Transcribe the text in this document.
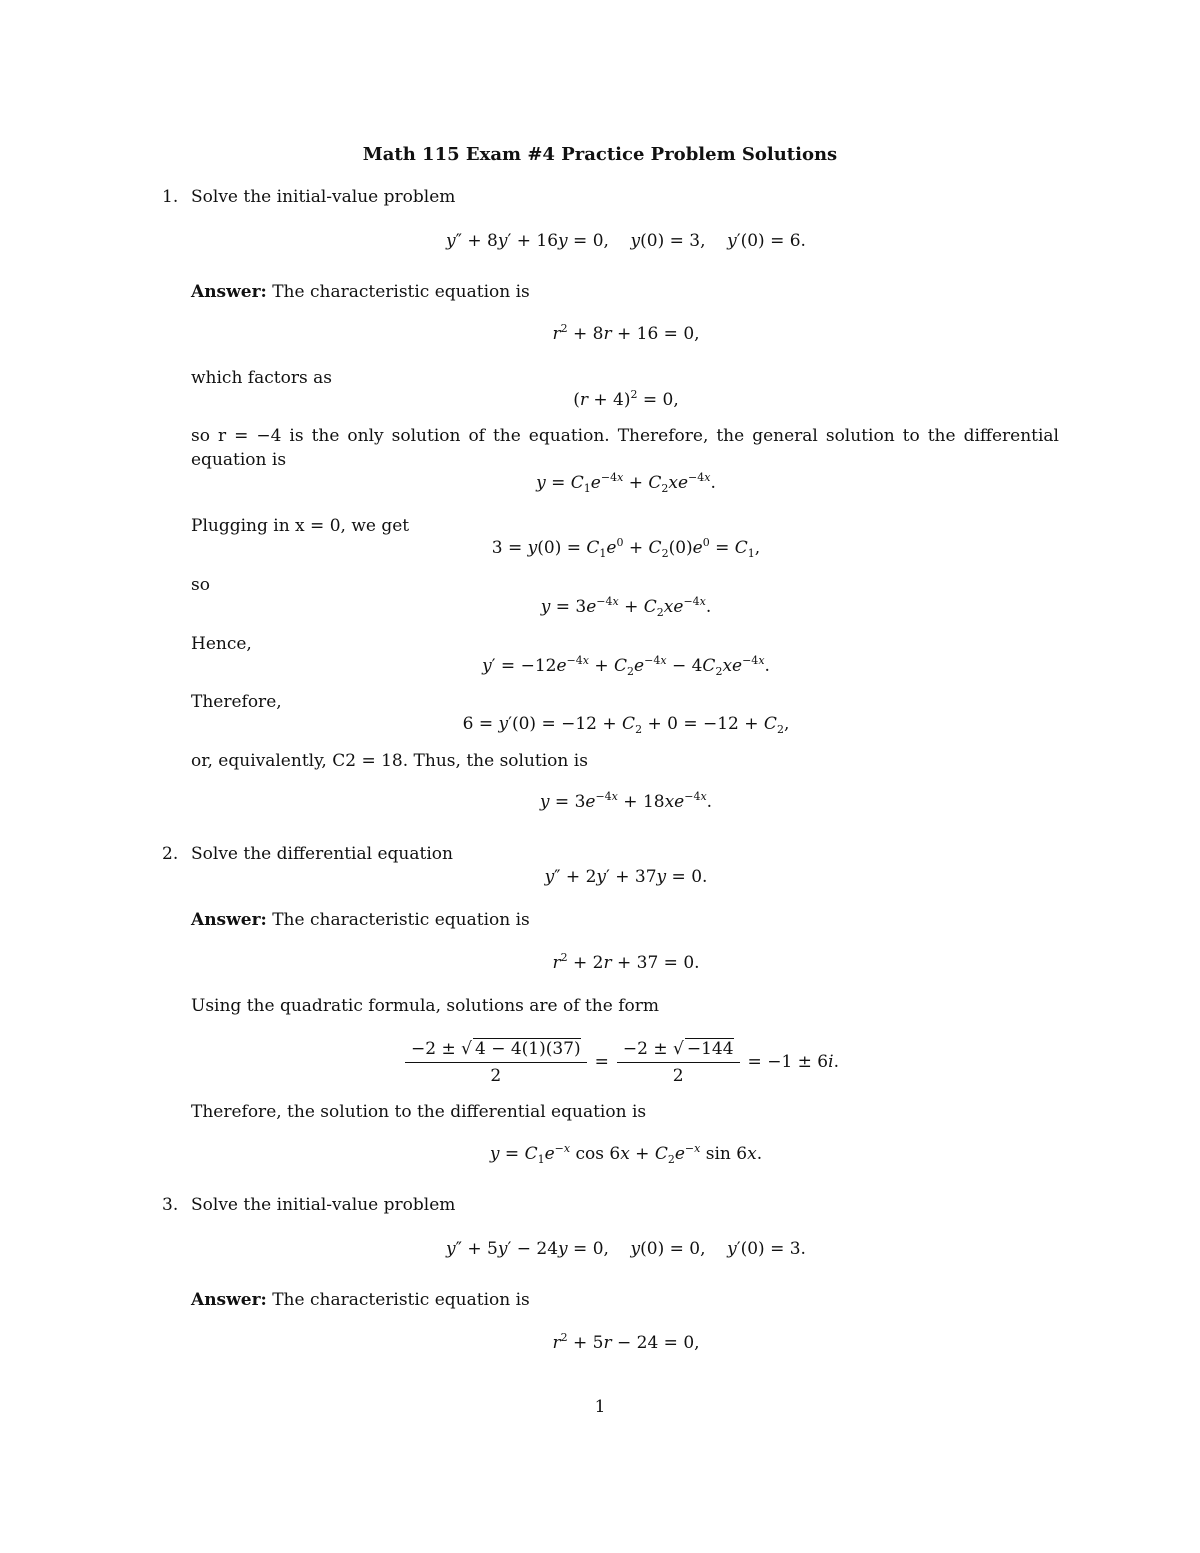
Math 115 Exam #4 Practice Problem Solutions
1. Solve the initial-value problem
y″ + 8y′ + 16y = 0,    y(0) = 3,    y′(0) = 6.
Answer: The characteristic equation is
$r^2 + 8r + 16 = 0$,
which factors as
$(r + 4)^2 = 0$,
so r = −4 is the only solution of the equation. Therefore, the general solution to the differential equation is
$y = C_1e^{-4x} + C_2xe^{-4x}$.
Plugging in x = 0, we get
$3 = y(0) = C_1e^0 + C_2(0)e^0 = C_1$,
so
$y = 3e^{-4x} + C_2xe^{-4x}$.
Hence,
$y' = -12e^{-4x} + C_2e^{-4x} - 4C_2xe^{-4x}$.
Therefore,
$6 = y'(0) = -12 + C_2 + 0 = -12 + C_2$,
or, equivalently, C2 = 18. Thus, the solution is
$y = 3e^{-4x} + 18xe^{-4x}$.
2. Solve the differential equation
y″ + 2y′ + 37y = 0.
Answer: The characteristic equation is
$r^2 + 2r + 37 = 0$.
Using the quadratic formula, solutions are of the form
$\frac{-2 \pm √ 4 - 4(1)(37)}{2} = \frac{-2 \pm √ -144}{2} = -1 \pm 6i$.
Therefore, the solution to the differential equation is
$y = C_1e^{-x}$ $\cos 6x + C_2e^{-x}$ sin 6x.
3. Solve the initial-value problem
y″ + 5y′ − 24y = 0,    y(0) = 0,    y′(0) = 3.
Answer: The characteristic equation is
$r^2 + 5r - 24 = 0$,
1
